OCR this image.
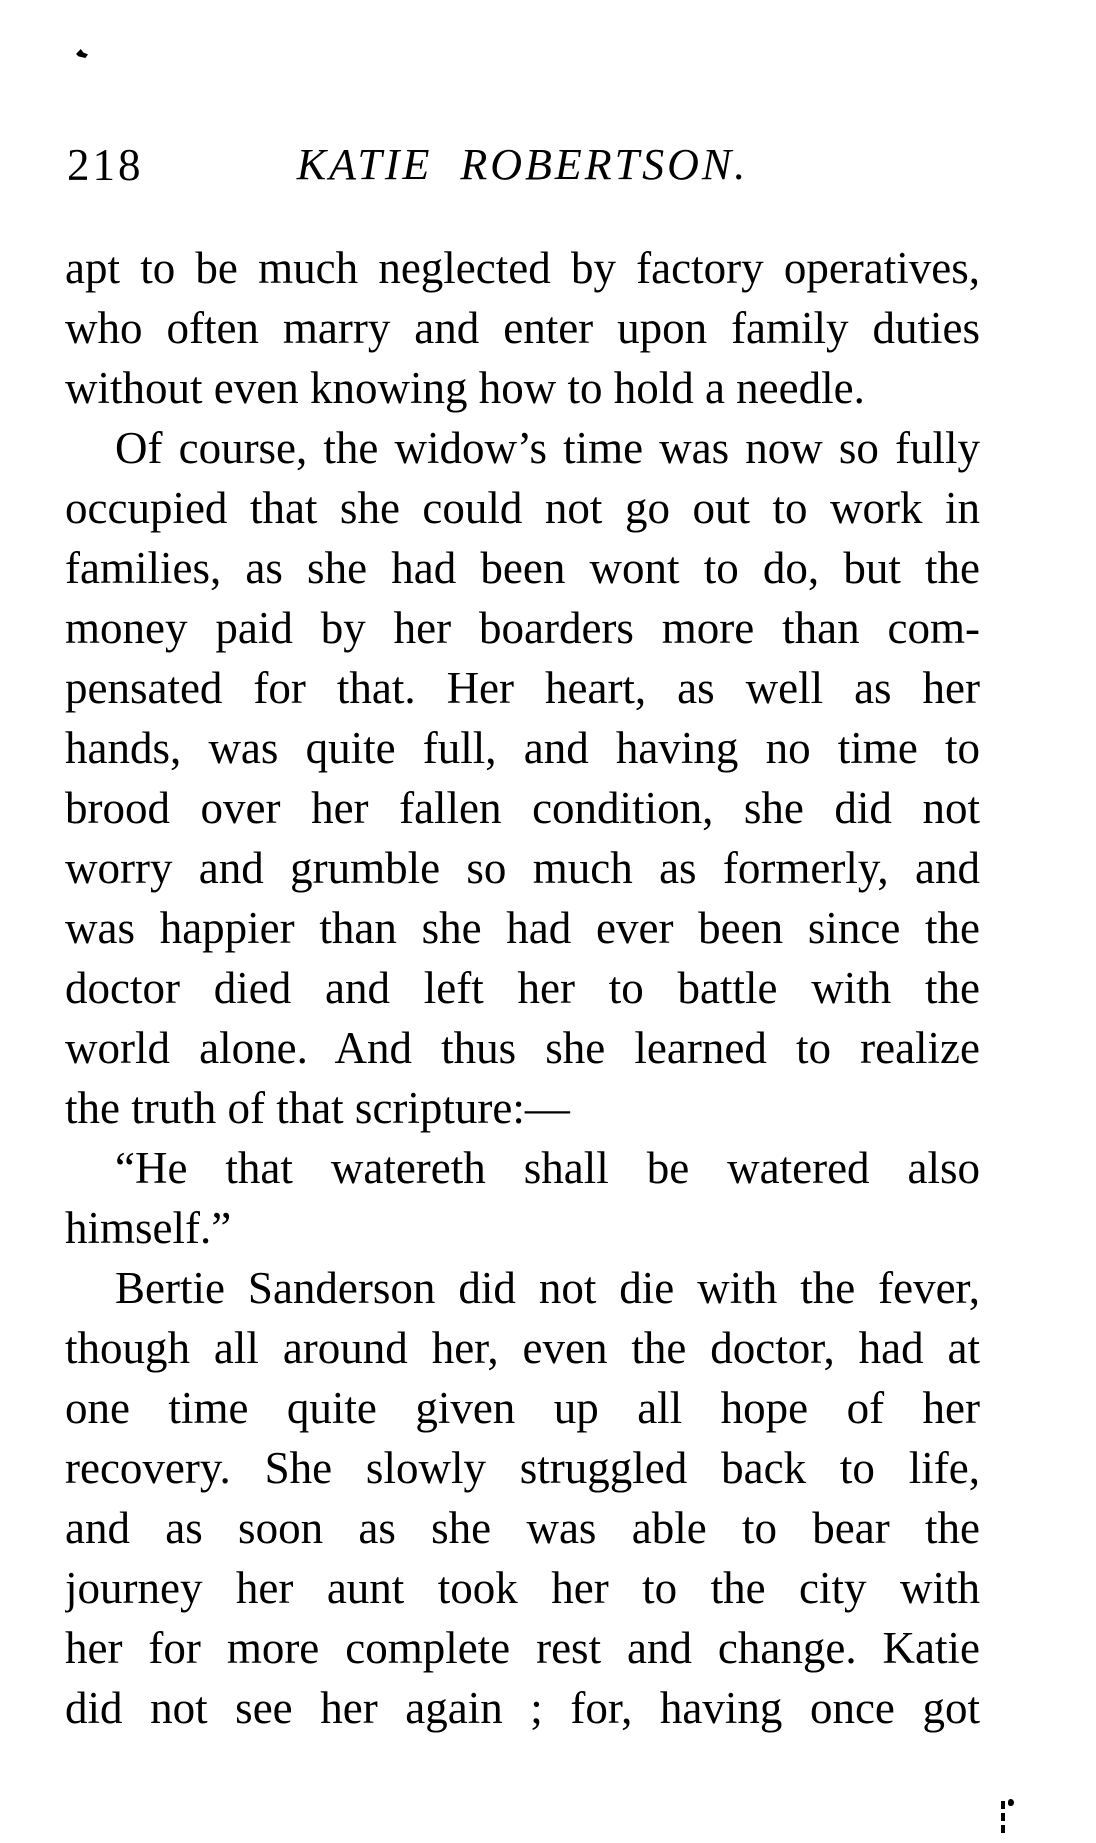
218	KATIE ROBERTSON.
apt to be much neglected by factory operatives,
who often marry and enter upon family duties
without even knowing how to hold a needle.
Of course, the widow’s time was now so fully
occupied that she could not go out to work in
families, as she had been wont to do, but the
money paid by her boarders more than com-
pensated for that. Her heart, as well as her
hands, was quite full, and having no time to
brood over her fallen condition, she did not
worry and grumble so much as formerly, and
was happier than she had ever been since the
doctor died and left her to battle with the
world alone. And thus she learned to realize
the truth of that scripture:—
“He that watereth shall be watered also
himself.”
Bertie Sanderson did not die with the fever,
though all around her, even the doctor, had at
one time quite given up all hope of her
recovery. She slowly struggled back to life,
and as soon as she was able to bear the
journey her aunt took her to the city with
her for more complete rest and change. Katie
did not see her again ; for, having once got
